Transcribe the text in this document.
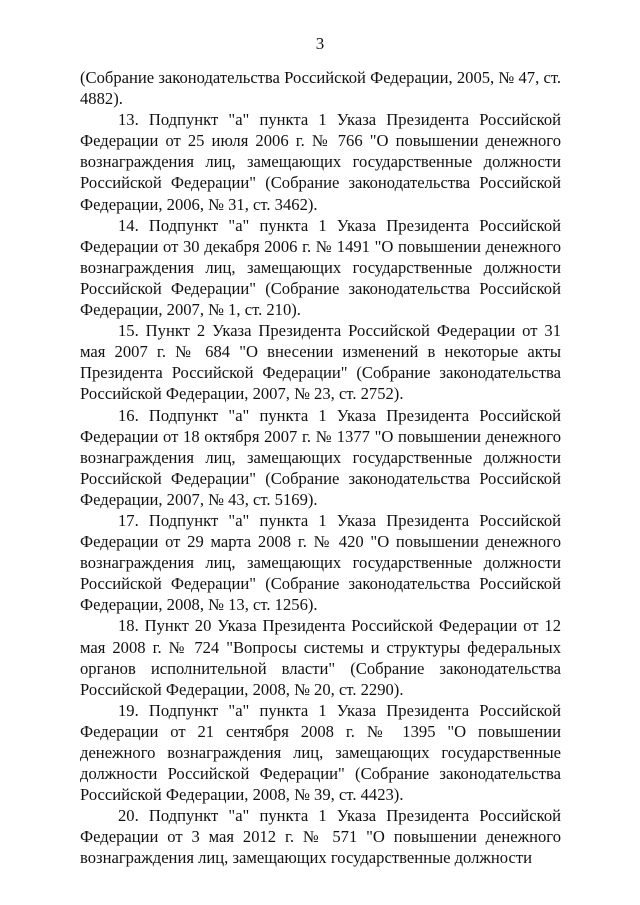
3

(Собрание законодательства Российской Федерации, 2005, № 47, ст. 4882).

13. Подпункт "а" пункта 1 Указа Президента Российской Федерации от 25 июля 2006 г. № 766 "О повышении денежного вознаграждения лиц, замещающих государственные должности Российской Федерации" (Собрание законодательства Российской Федерации, 2006, № 31, ст. 3462).

14. Подпункт "а" пункта 1 Указа Президента Российской Федерации от 30 декабря 2006 г. № 1491 "О повышении денежного вознаграждения лиц, замещающих государственные должности Российской Федерации" (Собрание законодательства Российской Федерации, 2007, № 1, ст. 210).

15. Пункт 2 Указа Президента Российской Федерации от 31 мая 2007 г. № 684 "О внесении изменений в некоторые акты Президента Российской Федерации" (Собрание законодательства Российской Федерации, 2007, № 23, ст. 2752).

16. Подпункт "а" пункта 1 Указа Президента Российской Федерации от 18 октября 2007 г. № 1377 "О повышении денежного вознаграждения лиц, замещающих государственные должности Российской Федерации" (Собрание законодательства Российской Федерации, 2007, № 43, ст. 5169).

17. Подпункт "а" пункта 1 Указа Президента Российской Федерации от 29 марта 2008 г. № 420 "О повышении денежного вознаграждения лиц, замещающих государственные должности Российской Федерации" (Собрание законодательства Российской Федерации, 2008, № 13, ст. 1256).

18. Пункт 20 Указа Президента Российской Федерации от 12 мая 2008 г. № 724 "Вопросы системы и структуры федеральных органов исполнительной власти" (Собрание законодательства Российской Федерации, 2008, № 20, ст. 2290).

19. Подпункт "а" пункта 1 Указа Президента Российской Федерации от 21 сентября 2008 г. № 1395 "О повышении денежного вознаграждения лиц, замещающих государственные должности Российской Федерации" (Собрание законодательства Российской Федерации, 2008, № 39, ст. 4423).

20. Подпункт "а" пункта 1 Указа Президента Российской Федерации от 3 мая 2012 г. № 571 "О повышении денежного вознаграждения лиц, замещающих государственные должности
